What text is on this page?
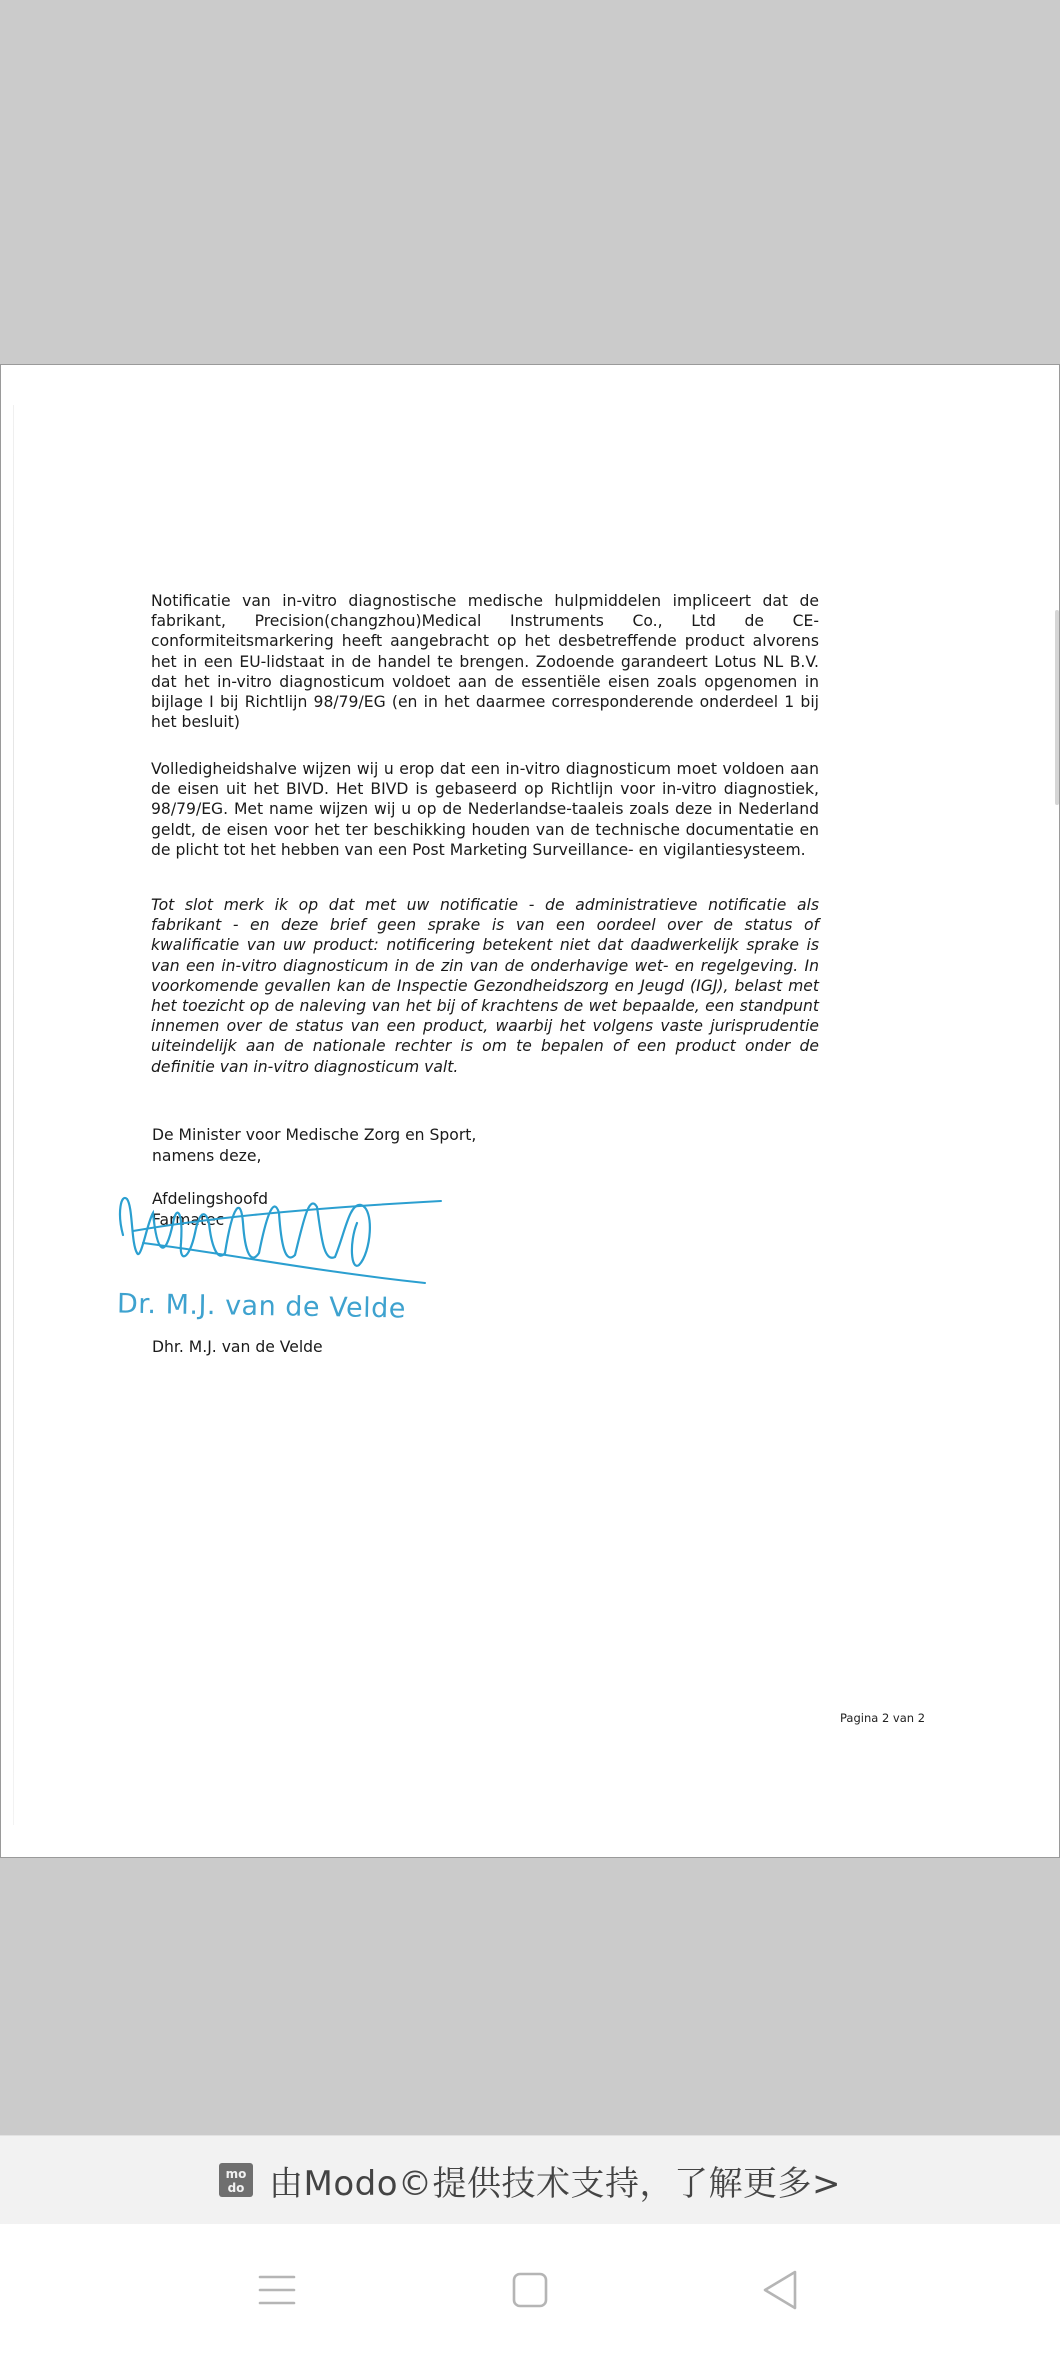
Notificatie van in-vitro diagnostische medische hulpmiddelen impliceert dat de fabrikant, Precision(changzhou)Medical Instruments Co., Ltd de CE-conformiteitsmarkering heeft aangebracht op het desbetreffende product alvorens het in een EU-lidstaat in de handel te brengen. Zodoende garandeert Lotus NL B.V. dat het in-vitro diagnosticum voldoet aan de essentiële eisen zoals opgenomen in bijlage I bij Richtlijn 98/79/EG (en in het daarmee corresponderende onderdeel 1 bij het besluit)

Volledigheidshalve wijzen wij u erop dat een in-vitro diagnosticum moet voldoen aan de eisen uit het BIVD. Het BIVD is gebaseerd op Richtlijn voor in-vitro diagnostiek, 98/79/EG. Met name wijzen wij u op de Nederlandse-taaleis zoals deze in Nederland geldt, de eisen voor het ter beschikking houden van de technische documentatie en de plicht tot het hebben van een Post Marketing Surveillance- en vigilantiesysteem.

Tot slot merk ik op dat met uw notificatie - de administratieve notificatie als fabrikant - en deze brief geen sprake is van een oordeel over de status of kwalificatie van uw product: notificering betekent niet dat daadwerkelijk sprake is van een in-vitro diagnosticum in de zin van de onderhavige wet- en regelgeving. In voorkomende gevallen kan de Inspectie Gezondheidszorg en Jeugd (IGJ), belast met het toezicht op de naleving van het bij of krachtens de wet bepaalde, een standpunt innemen over de status van een product, waarbij het volgens vaste jurisprudentie uiteindelijk aan de nationale rechter is om te bepalen of een product onder de definitie van in-vitro diagnosticum valt.

De Minister voor Medische Zorg en Sport,
namens deze,
Afdelingshoofd
Farmatec
Dr. M.J. van de Velde
Dhr. M.J. van de Velde
Pagina 2 van 2
mo
do 由Modo©提供技术支持，了解更多>
